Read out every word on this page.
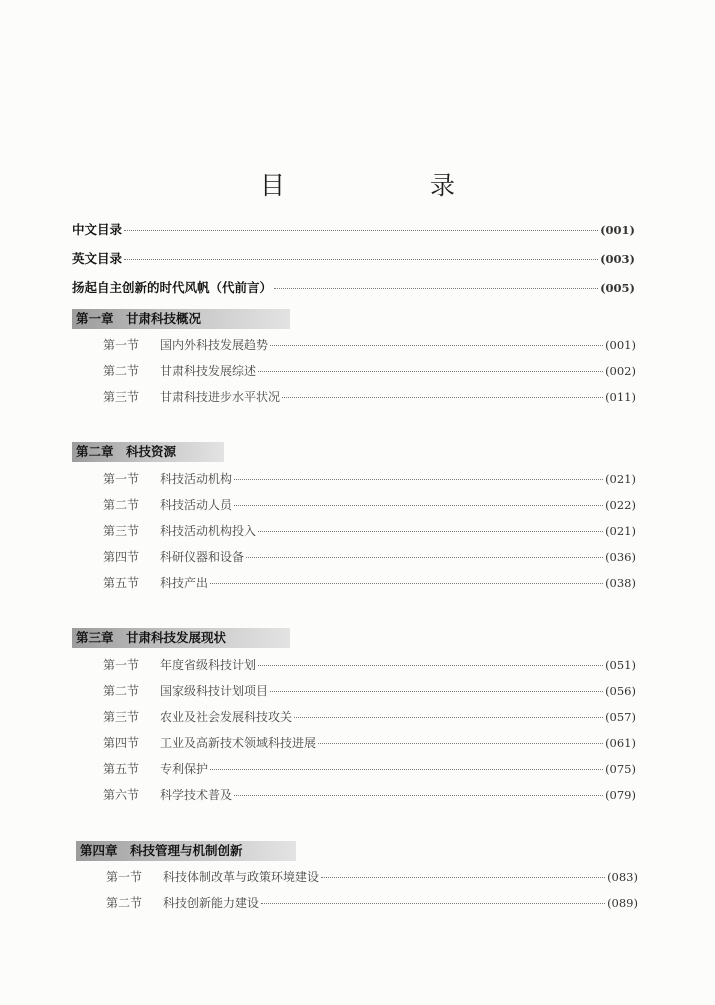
目　录
中文目录	(001)
英文目录	(003)
扬起自主创新的时代风帆（代前言）	(005)
第一章　甘肃科技概况
第一节	国内外科技发展趋势	(001)
第二节	甘肃科技发展综述	(002)
第三节	甘肃科技进步水平状况	(011)
第二章　科技资源
第一节	科技活动机构	(021)
第二节	科技活动人员	(022)
第三节	科技活动机构投入	(021)
第四节	科研仪器和设备	(036)
第五节	科技产出	(038)
第三章　甘肃科技发展现状
第一节	年度省级科技计划	(051)
第二节	国家级科技计划项目	(056)
第三节	农业及社会发展科技攻关	(057)
第四节	工业及高新技术领域科技进展	(061)
第五节	专利保护	(075)
第六节	科学技术普及	(079)
第四章　科技管理与机制创新
第一节	科技体制改革与政策环境建设	(083)
第二节	科技创新能力建设	(089)
